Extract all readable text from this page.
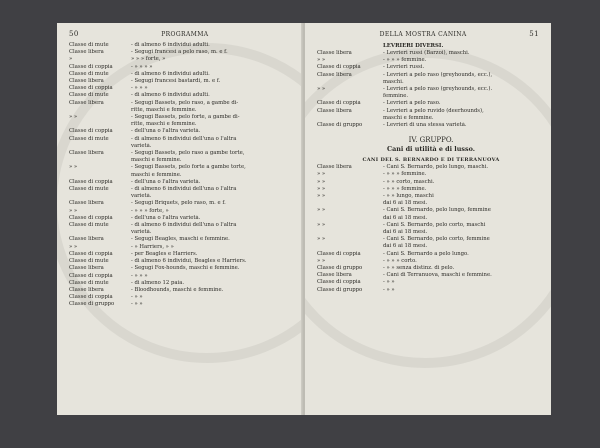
50	PROGRAMMA
Classe di mute	- di almeno 6 individui adulti.
Classe libera	- Segugi francesi a pelo raso, m. e f.
»	» » » forte, »
Classe di coppia	- » » » »
Classe di mute	- di almeno 6 individui adulti.
Classe libera	- Segugi francesi bastardi, m. e f.
Classe di coppia	- » » »
Classe di mute	- di almeno 6 individui adulti.
Classe libera	- Segugi Bassets, pelo raso, a gambe di-
ritte, maschi e femmine.
» »	- Segugi Bassets, pelo forte, a gambe di-
ritte, maschi e femmine.
Classe di coppia	- dell'una o l'altra varietà.
Classe di mute	- di almeno 6 individui dell'una o l'altra
varietà.
Classe libera	- Segugi Bassets, pelo raso a gambe torte,
maschi e femmine.
» »	- Segugi Bassets, pelo forte a gambe torte,
maschi e femmine.
Classe di coppia	- dell'una o l'altra varietà.
Classe di mute	- di almeno 6 individui dell'una o l'altra
varietà.
Classe libera	- Segugi Briquets, pelo raso, m. e f.
» »	- » » » forte, »
Classe di coppia	- dell'una o l'altra varietà.
Classe di mute	- di almeno 6 individui dell'una o l'altra
varietà.
Classe libera	- Segugi Beagles, maschi e femmine.
» »	- » Harriers, » »
Classe di coppia	- per Beagles e Harriers.
Classe di mute	- di almeno 6 individui, Beagles e Harriers.
Classe libera	- Segugi Fox-hounds, maschi e femmine.
Classe di coppia	- » » »
Classe di mute	- di almeno 12 paia.
Classe libera	- Bloodhounds, maschi e femmine.
Classe di coppia	- » »
Classe di gruppo	- » »
DELLA MOSTRA CANINA	51
LEVRIERI DIVERSI.
Classe libera	- Levrieri russi (Barzoi), maschi.
» »	- » » » femmine.
Classe di coppia	- Levrieri russi.
Classe libera	- Levrieri a pelo raso (greyhounds, ecc.),
maschi.
» »	- Levrieri a pelo raso (greyhounds, ecc.).
femmine.
Classe di coppia	- Levrieri a pelo raso.
Classe libera	- Levrieri a pelo ruvido (deerhounds),
maschi e femmine.
Classe di gruppo	- Levrieri di una stessa varietà.
IV. GRUPPO.
Cani di utilità e di lusso.
CANI DEL S. BERNARDO E DI TERRANUOVA
Classe libera	- Cani S. Bernardo, pelo lungo, maschi.
» »	- » » » femmine.
» »	- » » corto, maschi.
» »	- » » » femmine.
» »	- » » lungo, maschi
dai 6 ai 18 mesi.
» »	- Cani S. Bernardo, pelo lungo, femmine
dai 6 ai 18 mesi.
» »	- Cani S. Bernardo, pelo corto, maschi
dai 6 ai 18 mesi.
» »	- Cani S. Bernardo, pelo corto, femmine
dai 6 ai 18 mesi.
Classe di coppia	- Cani S. Bernardo a pelo lungo.
» »	- » » » corto.
Classe di gruppo	- » » senza distinz. di pelo.
Classe libera	- Cani di Terranuova, maschi e femmine.
Classe di coppia	- » »
Classe di gruppo	- » »
